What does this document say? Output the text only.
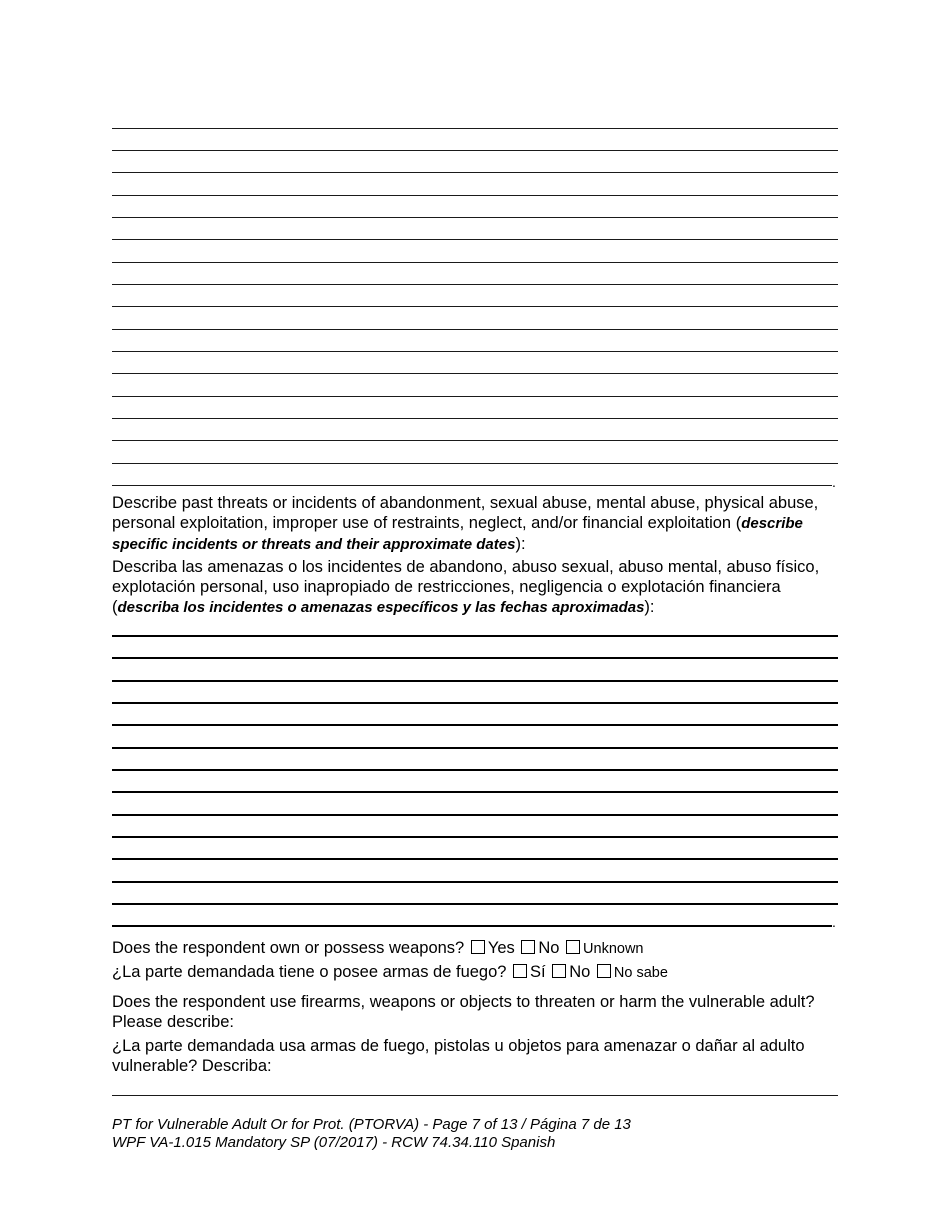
.

Describe past threats or incidents of abandonment, sexual abuse, mental abuse, physical abuse, personal exploitation, improper use of restraints, neglect, and/or financial exploitation (describe specific incidents or threats and their approximate dates):

Describa las amenazas o los incidentes de abandono, abuso sexual, abuso mental, abuso físico, explotación personal, uso inapropiado de restricciones, negligencia o explotación financiera (describa los incidentes o amenazas específicos y las fechas aproximadas):

.
Does the respondent own or possess weapons? Yes No Unknown
¿La parte demandada tiene o posee armas de fuego? Sí No No sabe

Does the respondent use firearms, weapons or objects to threaten or harm the vulnerable adult? Please describe:

¿La parte demandada usa armas de fuego, pistolas u objetos para amenazar o dañar al adulto vulnerable? Describa:

PT for Vulnerable Adult Or for Prot. (PTORVA) - Page 7 of 13 / Página 7 de 13
WPF VA-1.015 Mandatory SP (07/2017) - RCW 74.34.110 Spanish
